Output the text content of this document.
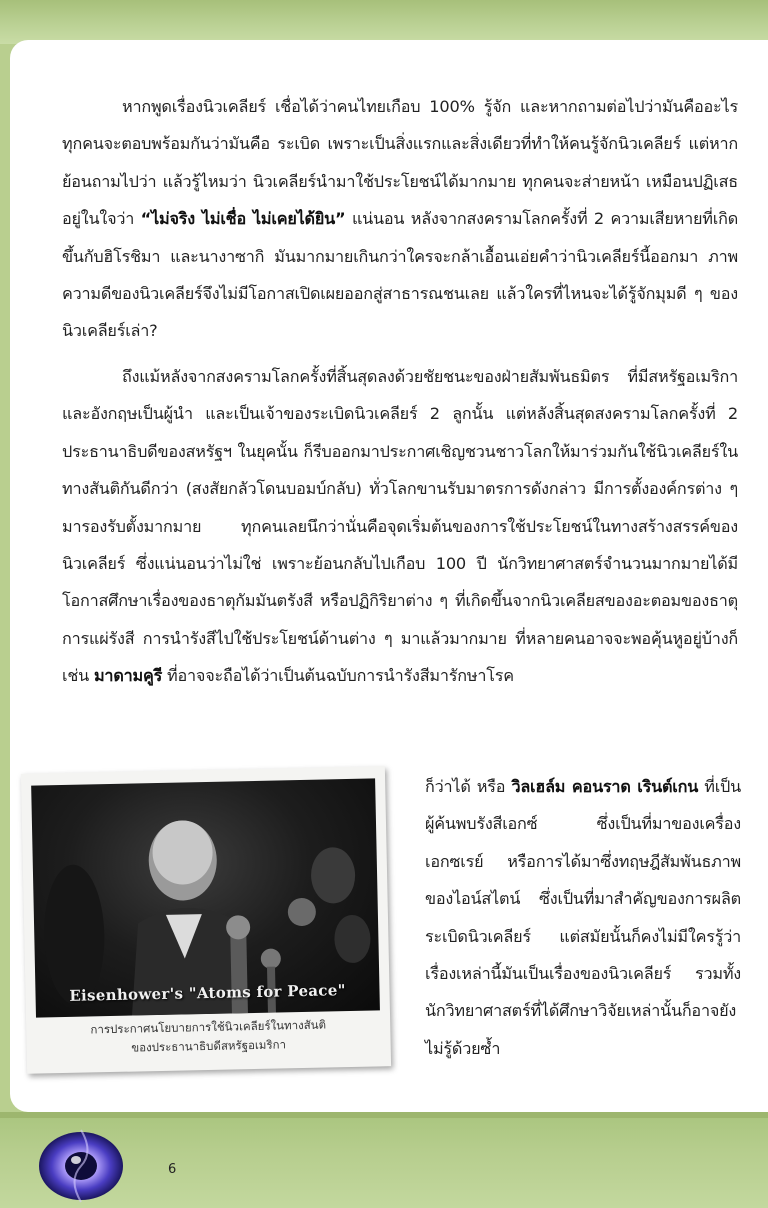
หากพูดเรื่องนิวเคลียร์ เชื่อได้ว่าคนไทยเกือบ 100% รู้จัก และหากถามต่อไปว่ามันคืออะไร ทุกคนจะตอบพร้อมกันว่ามันคือ ระเบิด เพราะเป็นสิ่งแรกและสิ่งเดียวที่ทำให้คนรู้จักนิวเคลียร์ แต่หากย้อนถามไปว่า แล้วรู้ไหมว่า นิวเคลียร์นำมาใช้ประโยชน์ได้มากมาย ทุกคนจะส่ายหน้า เหมือนปฏิเสธอยู่ในใจว่า “ไม่จริง ไม่เชื่อ ไม่เคยได้ยิน” แน่นอน หลังจากสงครามโลกครั้งที่ 2 ความเสียหายที่เกิดขึ้นกับฮิโรชิมา และนางาซากิ มันมากมายเกินกว่าใครจะกล้าเอื้อนเอ่ยคำว่านิวเคลียร์นี้ออกมา ภาพความดีของนิวเคลียร์จึงไม่มีโอกาสเปิดเผยออกสู่สาธารณชนเลย แล้วใครที่ไหนจะได้รู้จักมุมดี ๆ ของนิวเคลียร์เล่า?

ถึงแม้หลังจากสงครามโลกครั้งที่สิ้นสุดลงด้วยชัยชนะของฝ่ายสัมพันธมิตร ที่มีสหรัฐอเมริกาและอังกฤษเป็นผู้นำ และเป็นเจ้าของระเบิดนิวเคลียร์ 2 ลูกนั้น แต่หลังสิ้นสุดสงครามโลกครั้งที่ 2 ประธานาธิบดีของสหรัฐฯ ในยุคนั้น ก็รีบออกมาประกาศเชิญชวนชาวโลกให้มาร่วมกันใช้นิวเคลียร์ในทางสันติกันดีกว่า (สงสัยกลัวโดนบอมบ์กลับ) ทั่วโลกขานรับมาตรการดังกล่าว มีการตั้งองค์กรต่าง ๆ มารองรับตั้งมากมาย ทุกคนเลยนึกว่านั่นคือจุดเริ่มต้นของการใช้ประโยชน์ในทางสร้างสรรค์ของนิวเคลียร์ ซึ่งแน่นอนว่าไม่ใช่ เพราะย้อนกลับไปเกือบ 100 ปี นักวิทยาศาสตร์จำนวนมากมายได้มีโอกาสศึกษาเรื่องของธาตุกัมมันตรังสี หรือปฏิกิริยาต่าง ๆ ที่เกิดขึ้นจากนิวเคลียสของอะตอมของธาตุ การแผ่รังสี การนำรังสีไปใช้ประโยชน์ด้านต่าง ๆ มาแล้วมากมาย ที่หลายคนอาจจะพอคุ้นหูอยู่บ้างก็เช่น มาดามคูรี ที่อาจจะถือได้ว่าเป็นต้นฉบับการนำรังสีมารักษาโรค

ก็ว่าได้ หรือ วิลเฮล์ม คอนราด เรินต์เกน ที่เป็นผู้ค้นพบรังสีเอกซ์ ซึ่งเป็นที่มาของเครื่องเอกซเรย์ หรือการได้มาซึ่งทฤษฎีสัมพันธภาพของไอน์สไตน์ ซึ่งเป็นที่มาสำคัญของการผลิตระเบิดนิวเคลียร์ แต่สมัยนั้นก็คงไม่มีใครรู้ว่าเรื่องเหล่านี้มันเป็นเรื่องของนิวเคลียร์ รวมทั้งนักวิทยาศาสตร์ที่ได้ศึกษาวิจัยเหล่านั้นก็อาจยังไม่รู้ด้วยซ้ำ

Eisenhower's "Atoms for Peace"
การประกาศนโยบายการใช้นิวเคลียร์ในทางสันติ
ของประธานาธิบดีสหรัฐอเมริกา
6
